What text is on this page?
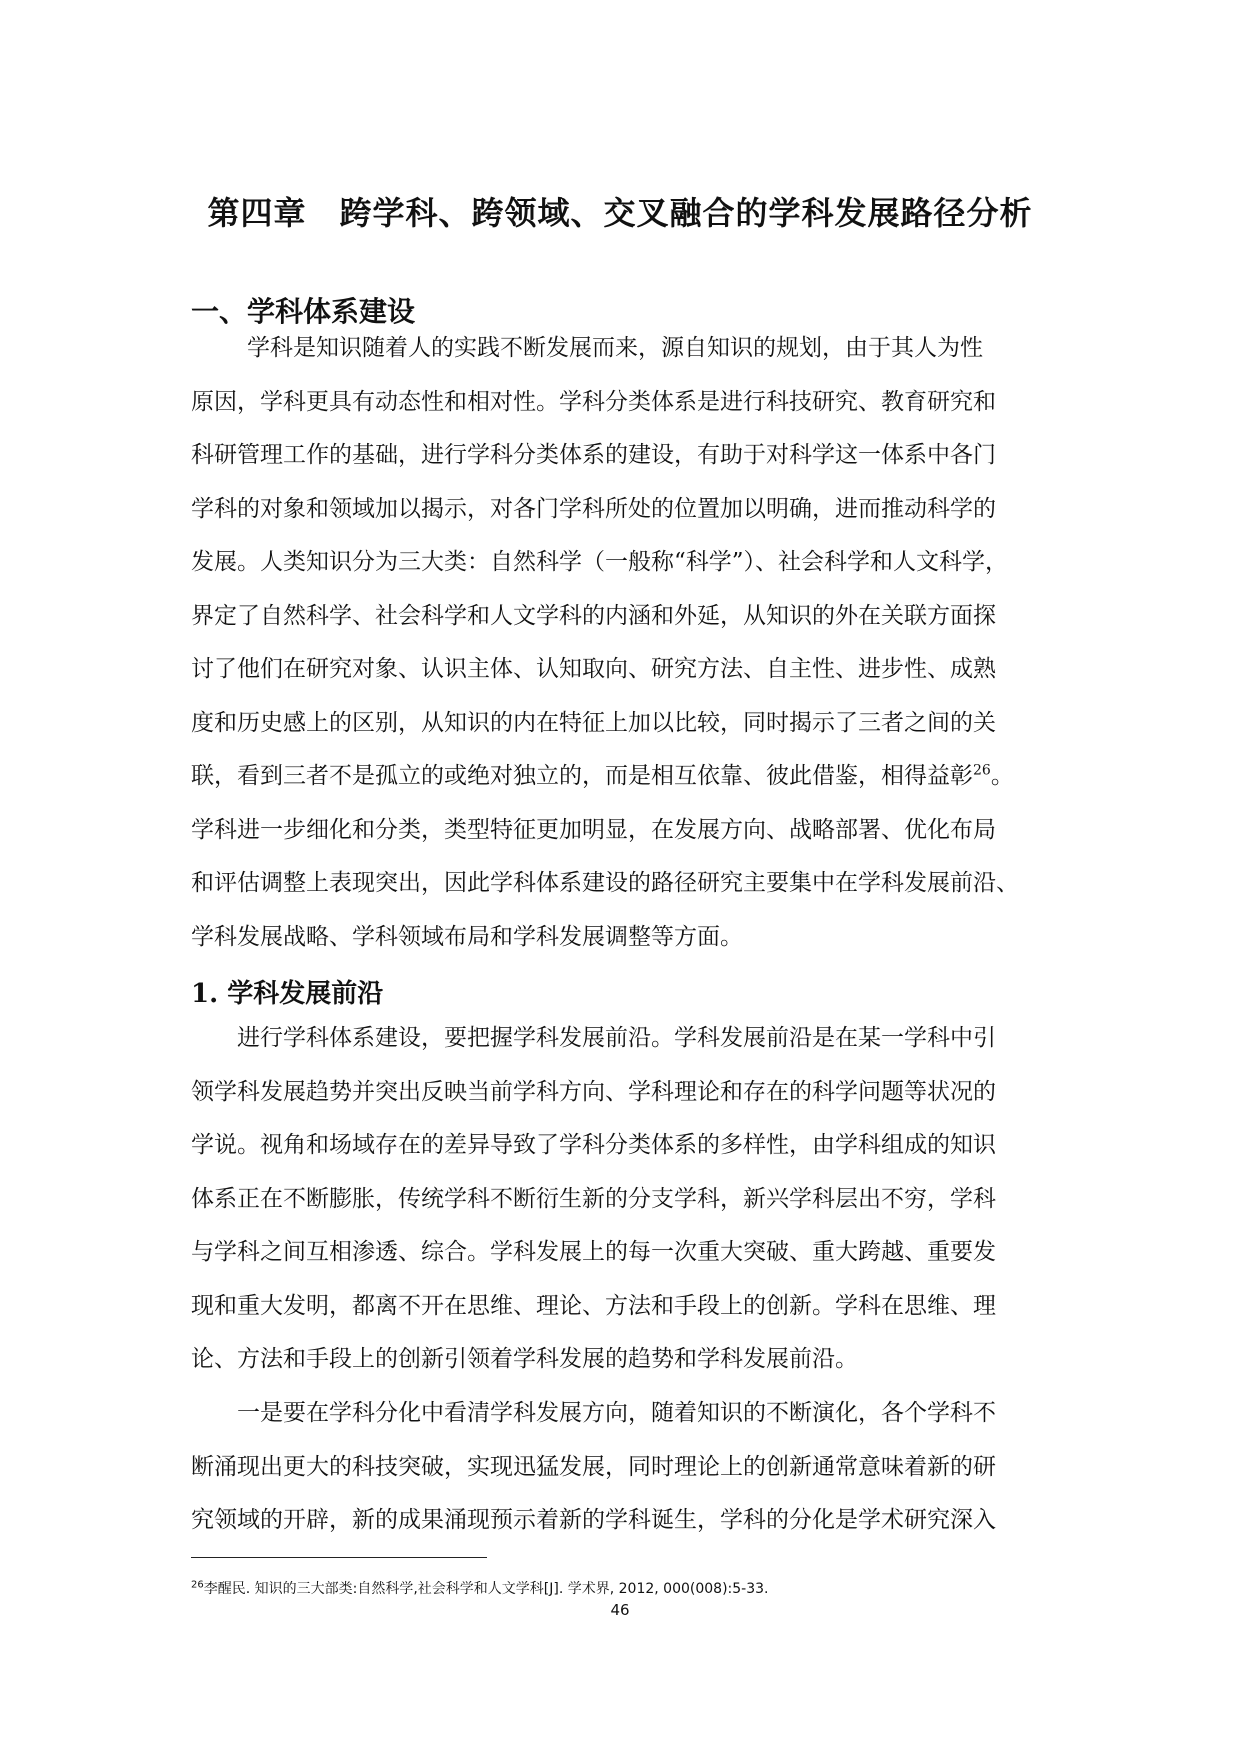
第四章　跨学科、跨领域、交叉融合的学科发展路径分析
一、学科体系建设
学科是知识随着人的实践不断发展而来，源自知识的规划，由于其人为性
原因，学科更具有动态性和相对性。学科分类体系是进行科技研究、教育研究和
科研管理工作的基础，进行学科分类体系的建设，有助于对科学这一体系中各门
学科的对象和领域加以揭示，对各门学科所处的位置加以明确，进而推动科学的
发展。人类知识分为三大类：自然科学（一般称“科学”）、社会科学和人文科学，
界定了自然科学、社会科学和人文学科的内涵和外延，从知识的外在关联方面探
讨了他们在研究对象、认识主体、认知取向、研究方法、自主性、进步性、成熟
度和历史感上的区别，从知识的内在特征上加以比较，同时揭示了三者之间的关
联，看到三者不是孤立的或绝对独立的，而是相互依靠、彼此借鉴，相得益彰$^{26}$。
学科进一步细化和分类，类型特征更加明显，在发展方向、战略部署、优化布局
和评估调整上表现突出，因此学科体系建设的路径研究主要集中在学科发展前沿、
学科发展战略、学科领域布局和学科发展调整等方面。
1. 学科发展前沿
进行学科体系建设，要把握学科发展前沿。学科发展前沿是在某一学科中引
领学科发展趋势并突出反映当前学科方向、学科理论和存在的科学问题等状况的
学说。视角和场域存在的差异导致了学科分类体系的多样性，由学科组成的知识
体系正在不断膨胀，传统学科不断衍生新的分支学科，新兴学科层出不穷，学科
与学科之间互相渗透、综合。学科发展上的每一次重大突破、重大跨越、重要发
现和重大发明，都离不开在思维、理论、方法和手段上的创新。学科在思维、理
论、方法和手段上的创新引领着学科发展的趋势和学科发展前沿。
一是要在学科分化中看清学科发展方向，随着知识的不断演化，各个学科不
断涌现出更大的科技突破，实现迅猛发展，同时理论上的创新通常意味着新的研
究领域的开辟，新的成果涌现预示着新的学科诞生，学科的分化是学术研究深入
$^{26}$李醒民. 知识的三大部类:自然科学,社会科学和人文学科[J]. 学术界, 2012, 000(008):5-33.
46
